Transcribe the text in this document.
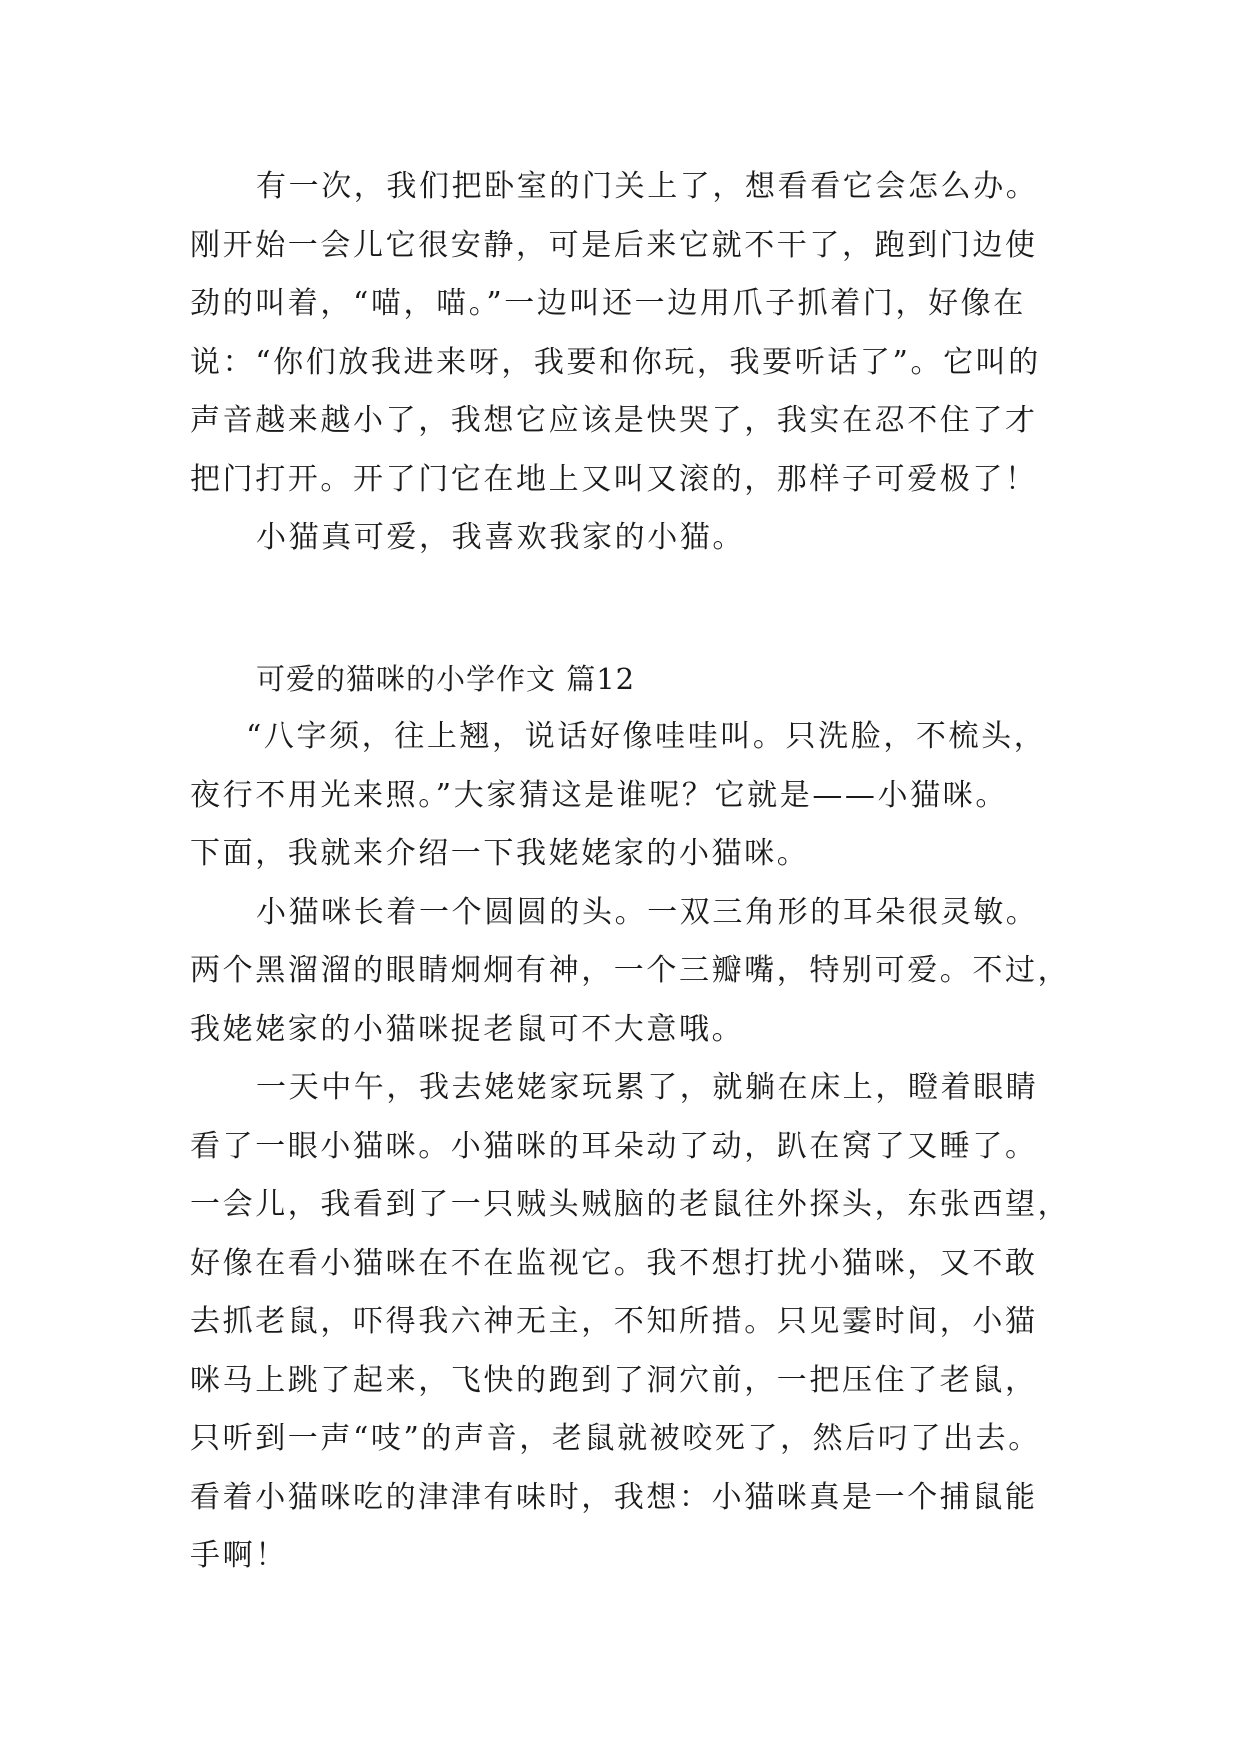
有一次，我们把卧室的门关上了，想看看它会怎么办。
刚开始一会儿它很安静，可是后来它就不干了，跑到门边使
劲的叫着，“喵，喵。”一边叫还一边用爪子抓着门，好像在
说：“你们放我进来呀，我要和你玩，我要听话了”。它叫的
声音越来越小了，我想它应该是快哭了，我实在忍不住了才
把门打开。开了门它在地上又叫又滚的，那样子可爱极了！
小猫真可爱，我喜欢我家的小猫。
可爱的猫咪的小学作文 篇12
“八字须，往上翘，说话好像哇哇叫。只洗脸，不梳头，
夜行不用光来照。”大家猜这是谁呢？它就是——小猫咪。
下面，我就来介绍一下我姥姥家的小猫咪。
小猫咪长着一个圆圆的头。一双三角形的耳朵很灵敏。
两个黑溜溜的眼睛炯炯有神，一个三瓣嘴，特别可爱。不过，
我姥姥家的小猫咪捉老鼠可不大意哦。
一天中午，我去姥姥家玩累了，就躺在床上，瞪着眼睛
看了一眼小猫咪。小猫咪的耳朵动了动，趴在窝了又睡了。
一会儿，我看到了一只贼头贼脑的老鼠往外探头，东张西望，
好像在看小猫咪在不在监视它。我不想打扰小猫咪，又不敢
去抓老鼠，吓得我六神无主，不知所措。只见霎时间，小猫
咪马上跳了起来，飞快的跑到了洞穴前，一把压住了老鼠，
只听到一声“吱”的声音，老鼠就被咬死了，然后叼了出去。
看着小猫咪吃的津津有味时，我想：小猫咪真是一个捕鼠能
手啊！
